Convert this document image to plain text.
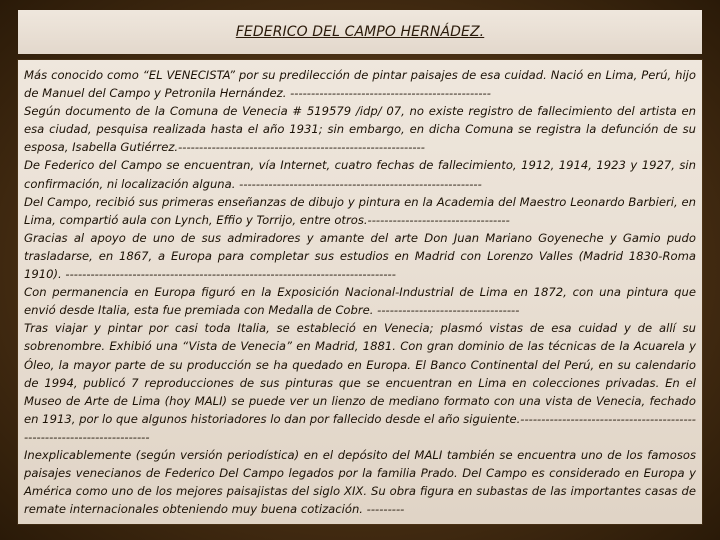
FEDERICO DEL CAMPO HERNÁDEZ.

Más conocido como “EL VENECISTA” por su predilección de pintar paisajes de esa cuidad. Nació en Lima, Perú, hijo de Manuel del Campo y Petronila Hernández. ------------------------------------------------

Según documento de la Comuna de Venecia # 519579 /idp/ 07, no existe registro de fallecimiento del artista en esa ciudad, pesquisa realizada hasta el año 1931; sin embargo, en dicha Comuna se registra la defunción de su esposa, Isabella Gutiérrez.-----------------------------------------------------------

De Federico del Campo se encuentran, vía Internet, cuatro fechas de fallecimiento, 1912, 1914, 1923 y 1927, sin confirmación, ni localización alguna. ----------------------------------------------------------

Del Campo, recibió sus primeras enseñanzas de dibujo y pintura en la Academia del Maestro Leonardo Barbieri, en Lima, compartió aula con Lynch, Effio y Torrijo, entre otros.----------------------------------

Gracias al apoyo de uno de sus admiradores y amante del arte Don Juan Mariano Goyeneche y Gamio pudo trasladarse, en 1867, a Europa para completar sus estudios en Madrid con Lorenzo Valles (Madrid 1830-Roma 1910). -------------------------------------------------------------------------------

Con permanencia en Europa figuró en la Exposición Nacional-Industrial de Lima en 1872, con una pintura que envió desde Italia, esta fue premiada con Medalla de Cobre. ----------------------------------

Tras viajar y pintar por casi toda Italia, se estableció en Venecia; plasmó vistas de esa cuidad y de allí su sobrenombre. Exhibió una “Vista de Venecia” en Madrid, 1881. Con gran dominio de las técnicas de la Acuarela y Óleo, la mayor parte de su producción se ha quedado en Europa. El Banco Continental del Perú, en su calendario de 1994, publicó 7 reproducciones de sus pinturas que se encuentran en Lima en colecciones privadas. En el Museo de Arte de Lima (hoy MALI) se puede ver un lienzo de mediano formato con una vista de Venecia, fechado en 1913, por lo que algunos historiadores lo dan por fallecido desde el año siguiente.------------------------------------------------------------------------

Inexplicablemente (según versión periodística) en el depósito del MALI también se encuentra uno de los famosos paisajes venecianos de Federico Del Campo legados por la familia Prado. Del Campo es considerado en Europa y América como uno de los mejores paisajistas del siglo XIX. Su obra figura en subastas de las importantes casas de remate internacionales obteniendo muy buena cotización. ---------
